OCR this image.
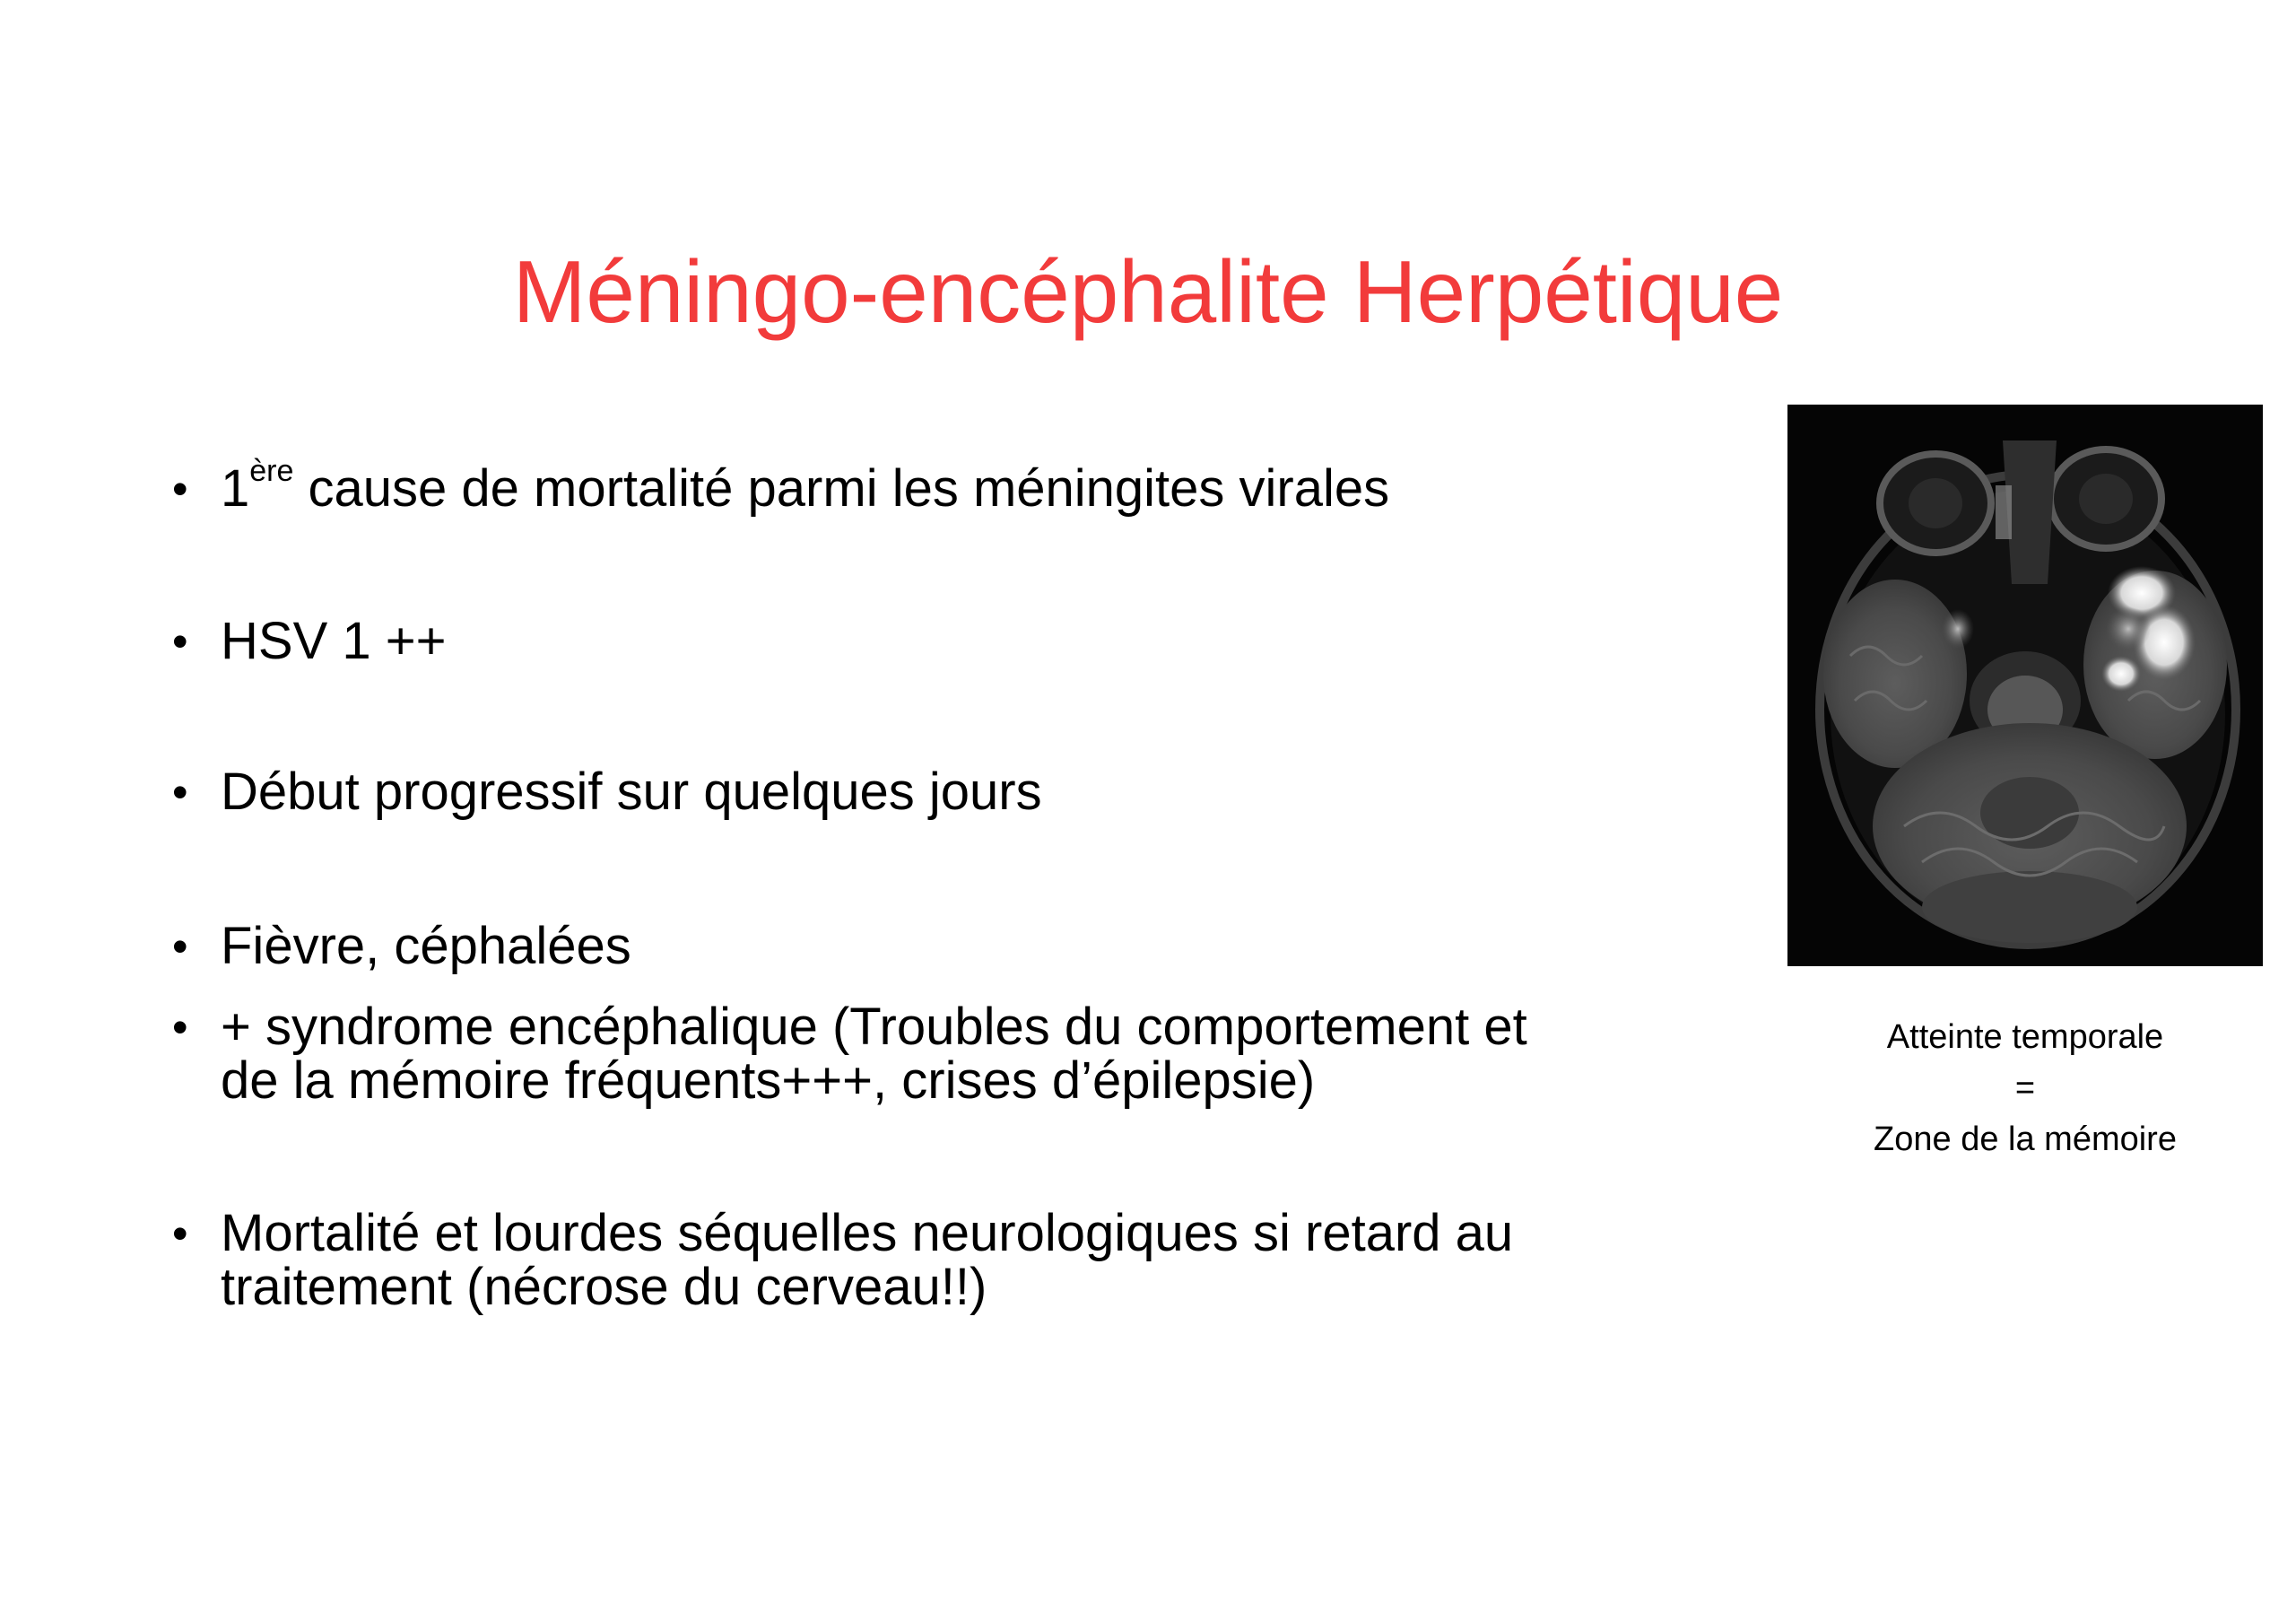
Méningo-encéphalite Herpétique
• 1ère cause de mortalité parmi les méningites virales
• HSV 1 ++
• Début progressif sur quelques jours
• Fièvre, céphalées
• + syndrome encéphalique (Troubles du comportement et
de la mémoire fréquents+++, crises d’épilepsie)
• Mortalité et lourdes séquelles neurologiques si retard au
traitement (nécrose du cerveau!!)
Atteinte temporale
=
Zone de la mémoire
